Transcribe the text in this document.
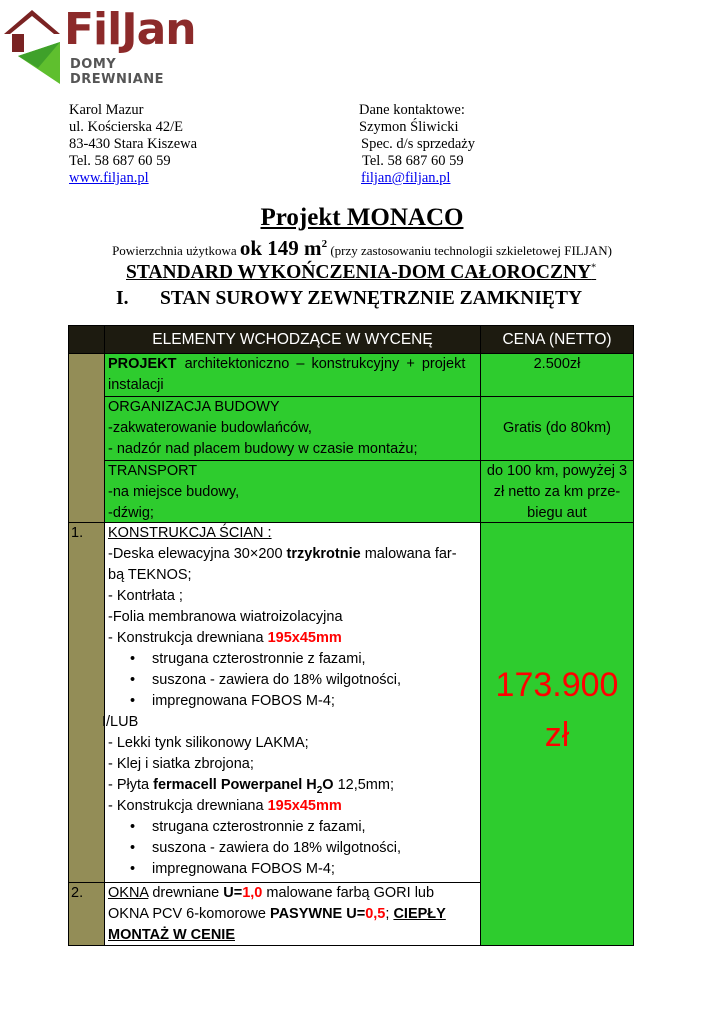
FilJan
DOMY DREWNIANE
Karol Mazur
ul. Kościerska 42/E
83-430 Stara Kiszewa
Tel. 58 687 60 59
www.filjan.pl
Dane kontaktowe:
Szymon Śliwicki
Spec. d/s sprzedaży
Tel. 58 687 60 59
filjan@filjan.pl
Projekt MONACO
Powierzchnia użytkowa ok 149 $m^2$ (przy zastosowaniu technologii szkieletowej FILJAN)
STANDARD WYKOŃCZENIA-DOM CAŁOROCZNY*
I. STAN SUROWY ZEWNĘTRZNIE ZAMKNIĘTY
ELEMENTY WCHODZĄCE W WYCENĘ	CENA (NETTO)
PROJEKT architektoniczno – konstrukcyjny + projekt
instalacji
2.500zł
ORGANIZACJA BUDOWY
-zakwaterowanie budowlańców,
- nadzór nad placem budowy w czasie montażu;
Gratis (do 80km)
TRANSPORT
-na miejsce budowy,
-dźwig;
do 100 km, powyżej 3
zł netto za km prze-
biegu aut
1. KONSTRUKCJA ŚCIAN :
-Deska elewacyjna 30×200 trzykrotnie malowana far-
bą TEKNOS;
- Kontrłata ;
-Folia membranowa wiatroizolacyjna
- Konstrukcja drewniana 195x45mm
• strugana czterostronnie z fazami,
• suszona - zawiera do 18% wilgotności,
• impregnowana FOBOS M-4;
I/LUB
- Lekki tynk silikonowy LAKMA;
- Klej i siatka zbrojona;
- Płyta fermacell Powerpanel $H_2O$ 12,5mm;
- Konstrukcja drewniana 195x45mm
• strugana czterostronnie z fazami,
• suszona - zawiera do 18% wilgotności,
• impregnowana FOBOS M-4;
173.900
zł
2. OKNA drewniane U=1,0 malowane farbą GORI lub
OKNA PCV 6-komorowe PASYWNE U=0,5; CIEPŁY
MONTAŻ W CENIE
